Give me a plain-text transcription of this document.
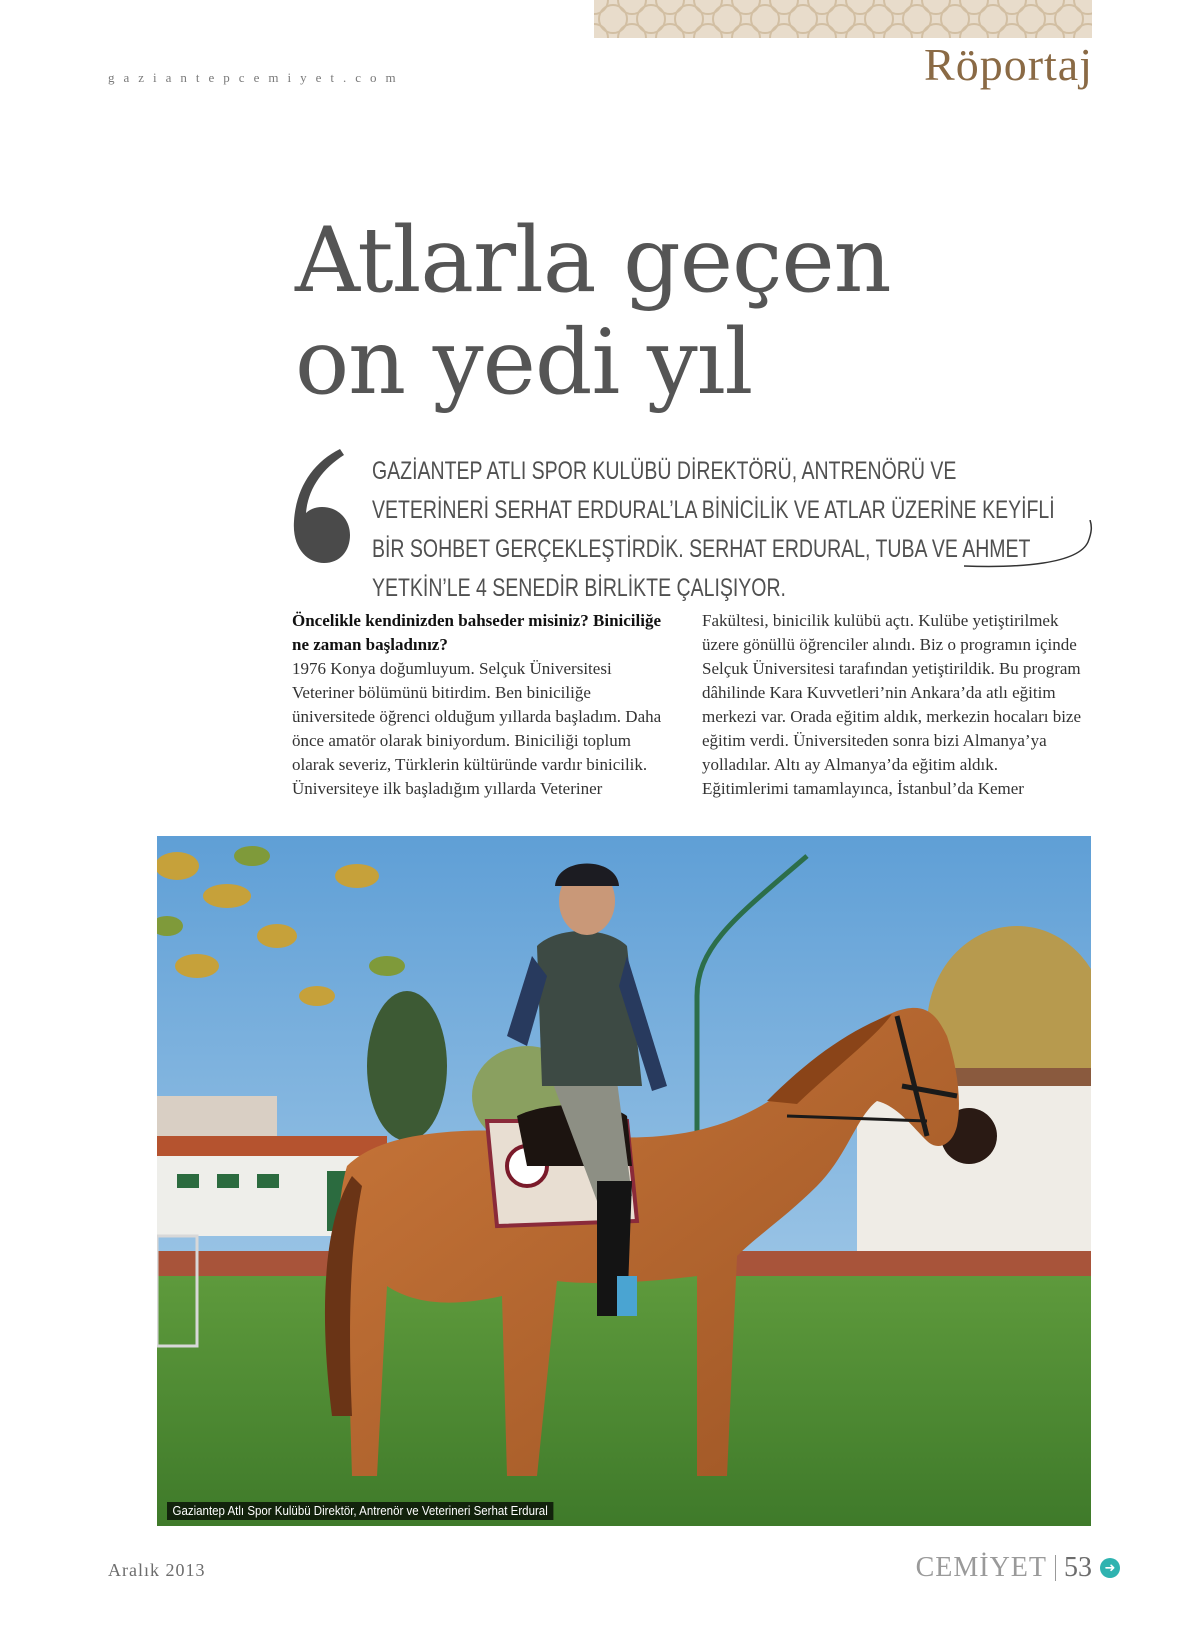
gaziantepcemiyet.com	Röportaj
Atlarla geçen
on yedi yıl
GAZİANTEP ATLI SPOR KULÜBÜ DİREKTÖRÜ, ANTRENÖRÜ VE VETERİNERİ SERHAT ERDURAL’LA BİNİCİLİK VE ATLAR ÜZERİNE KEYİFLİ BİR SOHBET GERÇEKLEŞTİRDİK. SERHAT ERDURAL, TUBA VE AHMET YETKİN’LE 4 SENEDİR BİRLİKTE ÇALIŞIYOR.
Öncelikle kendinizden bahseder misiniz? Biniciliğe ne zaman başladınız?
1976 Konya doğumluyum. Selçuk Üniversitesi Veteriner bölümünü bitirdim. Ben biniciliğe üniversitede öğrenci olduğum yıllarda başladım. Daha önce amatör olarak biniyordum. Biniciliği toplum olarak severiz, Türklerin kültüründe vardır binicilik. Üniversiteye ilk başladığım yıllarda Veteriner
Fakültesi, binicilik kulübü açtı. Kulübe yetiştirilmek üzere gönüllü öğrenciler alındı. Biz o programın içinde Selçuk Üniversitesi tarafından yetiştirildik. Bu program dâhilinde Kara Kuvvetleri’nin Ankara’da atlı eğitim merkezi var. Orada eğitim aldık, merkezin hocaları bize eğitim verdi. Üniversiteden sonra bizi Almanya’ya yolladılar. Altı ay Almanya’da eğitim aldık. Eğitimlerimi tamamlayınca, İstanbul’da Kemer
Gaziantep Atlı Spor Kulübü Direktör, Antrenör ve Veterineri Serhat Erdural
Aralık 2013	CEMİYET 53 ➜
